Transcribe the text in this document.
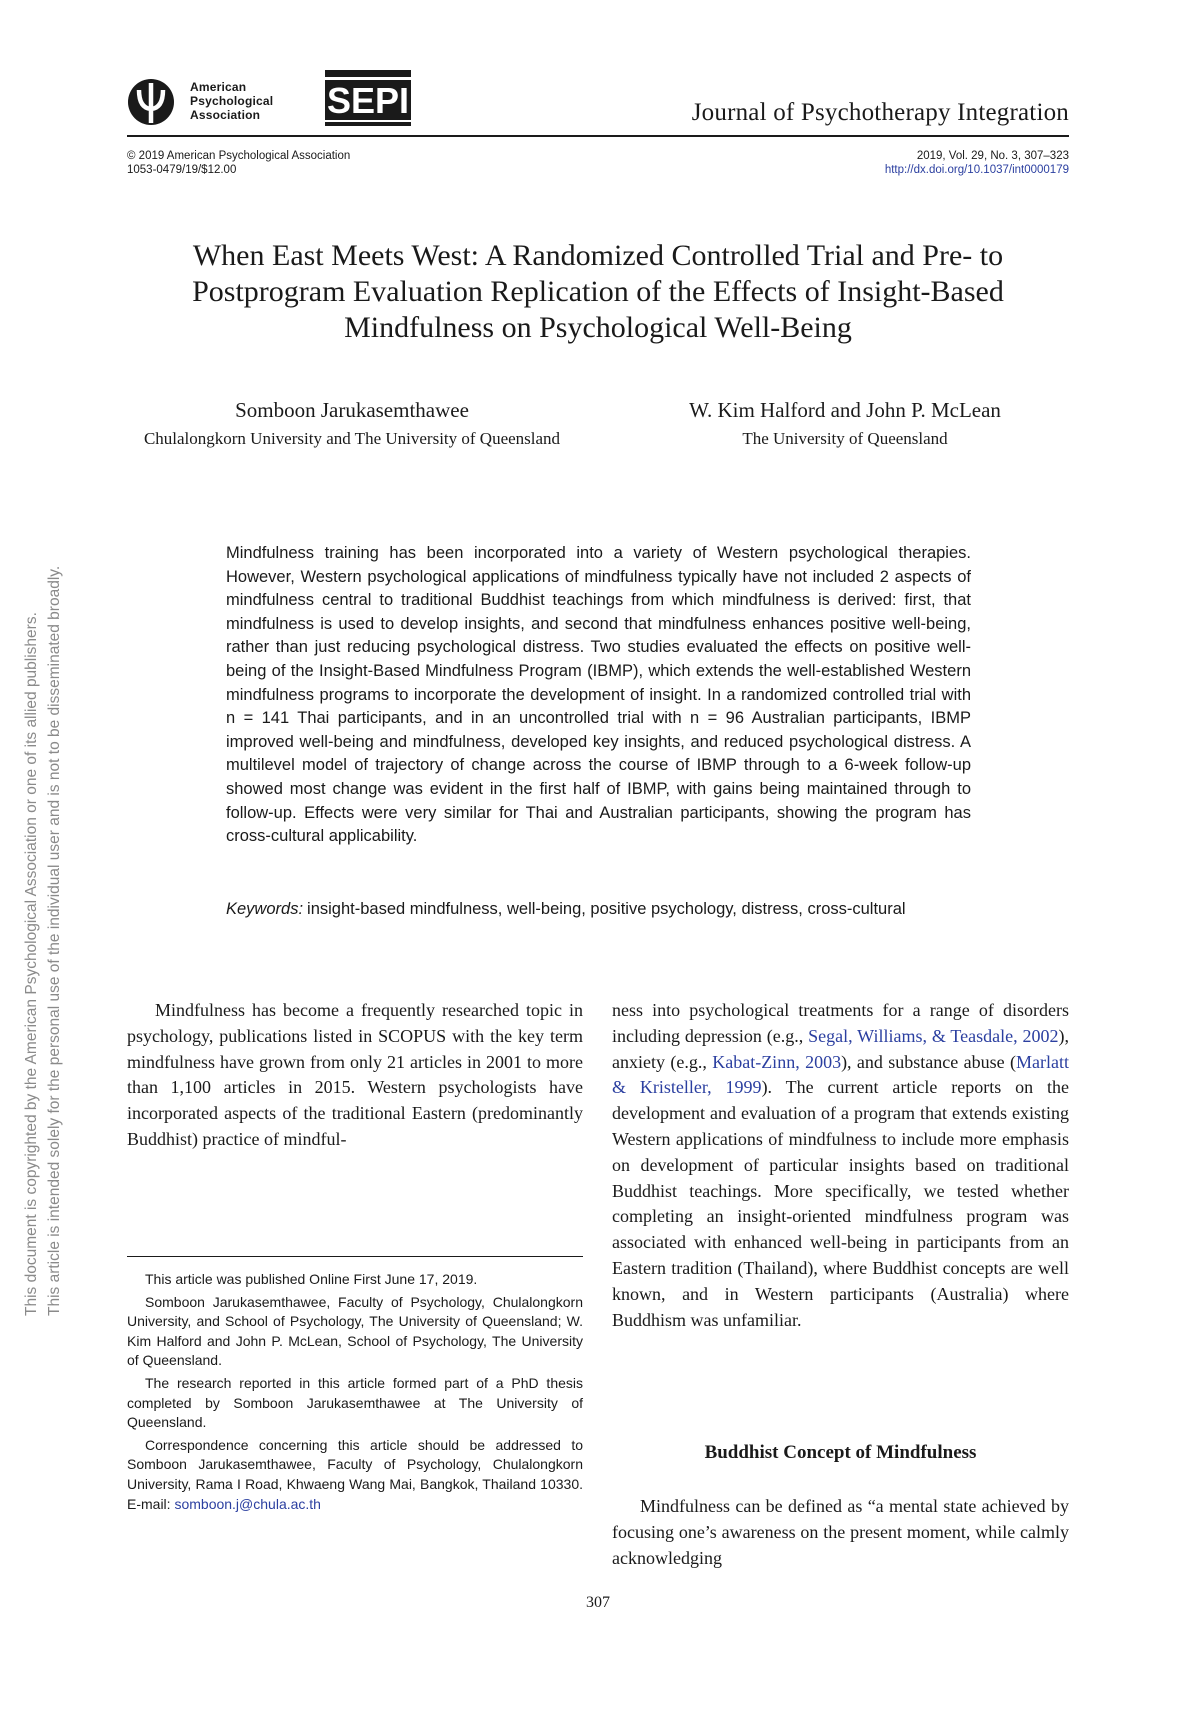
This document is copyrighted by the American Psychological Association or one of its allied publishers. This article is intended solely for the personal use of the individual user and is not to be disseminated broadly.
American
Psychological
Association	SEPI	Journal of Psychotherapy Integration
© 2019 American Psychological Association
1053-0479/19/$12.00
2019, Vol. 29, No. 3, 307–323
http://dx.doi.org/10.1037/int0000179
When East Meets West: A Randomized Controlled Trial and Pre- to Postprogram Evaluation Replication of the Effects of Insight-Based Mindfulness on Psychological Well-Being
Somboon Jarukasemthawee
Chulalongkorn University and The University of Queensland
W. Kim Halford and John P. McLean
The University of Queensland
Mindfulness training has been incorporated into a variety of Western psychological therapies. However, Western psychological applications of mindfulness typically have not included 2 aspects of mindfulness central to traditional Buddhist teachings from which mindfulness is derived: first, that mindfulness is used to develop insights, and second that mindfulness enhances positive well-being, rather than just reducing psychological distress. Two studies evaluated the effects on positive well-being of the Insight-Based Mindfulness Program (IBMP), which extends the well-established Western mindfulness programs to incorporate the development of insight. In a randomized controlled trial with n = 141 Thai participants, and in an uncontrolled trial with n = 96 Australian participants, IBMP improved well-being and mindfulness, developed key insights, and reduced psychological distress. A multilevel model of trajectory of change across the course of IBMP through to a 6-week follow-up showed most change was evident in the first half of IBMP, with gains being maintained through to follow-up. Effects were very similar for Thai and Australian participants, showing the program has cross-cultural applicability.
Keywords: insight-based mindfulness, well-being, positive psychology, distress, cross-cultural

Mindfulness has become a frequently researched topic in psychology, publications listed in SCOPUS with the key term mindfulness have grown from only 21 articles in 2001 to more than 1,100 articles in 2015. Western psychologists have incorporated aspects of the traditional Eastern (predominantly Buddhist) practice of mindful-

This article was published Online First June 17, 2019.

Somboon Jarukasemthawee, Faculty of Psychology, Chulalongkorn University, and School of Psychology, The University of Queensland; W. Kim Halford and John P. McLean, School of Psychology, The University of Queensland.

The research reported in this article formed part of a PhD thesis completed by Somboon Jarukasemthawee at The University of Queensland.

Correspondence concerning this article should be addressed to Somboon Jarukasemthawee, Faculty of Psychology, Chulalongkorn University, Rama I Road, Khwaeng Wang Mai, Bangkok, Thailand 10330. E-mail: somboon.j@chula.ac.th

ness into psychological treatments for a range of disorders including depression (e.g., Segal, Williams, & Teasdale, 2002), anxiety (e.g., Kabat-Zinn, 2003), and substance abuse (Marlatt & Kristeller, 1999). The current article reports on the development and evaluation of a program that extends existing Western applications of mindfulness to include more emphasis on development of particular insights based on traditional Buddhist teachings. More specifically, we tested whether completing an insight-oriented mindfulness program was associated with enhanced well-being in participants from an Eastern tradition (Thailand), where Buddhist concepts are well known, and in Western participants (Australia) where Buddhism was unfamiliar.

Buddhist Concept of Mindfulness

Mindfulness can be defined as “a mental state achieved by focusing one’s awareness on the present moment, while calmly acknowledging

307
